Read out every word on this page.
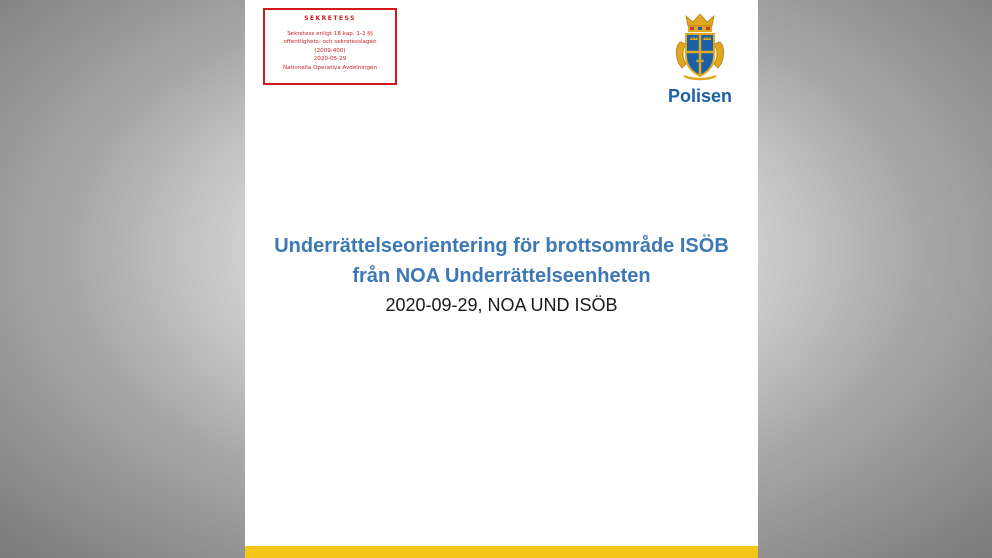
SEKRETESS
Sekretess enligt 18 kap. 1-2 §§
offentlighets- och sekretesslagen
(2009:400)
2020-05-29
Nationella Operativa Avdelningen
Polisen
Underrättelseorientering för brottsområde ISÖB
från NOA Underrättelseenheten
2020-09-29, NOA UND ISÖB
